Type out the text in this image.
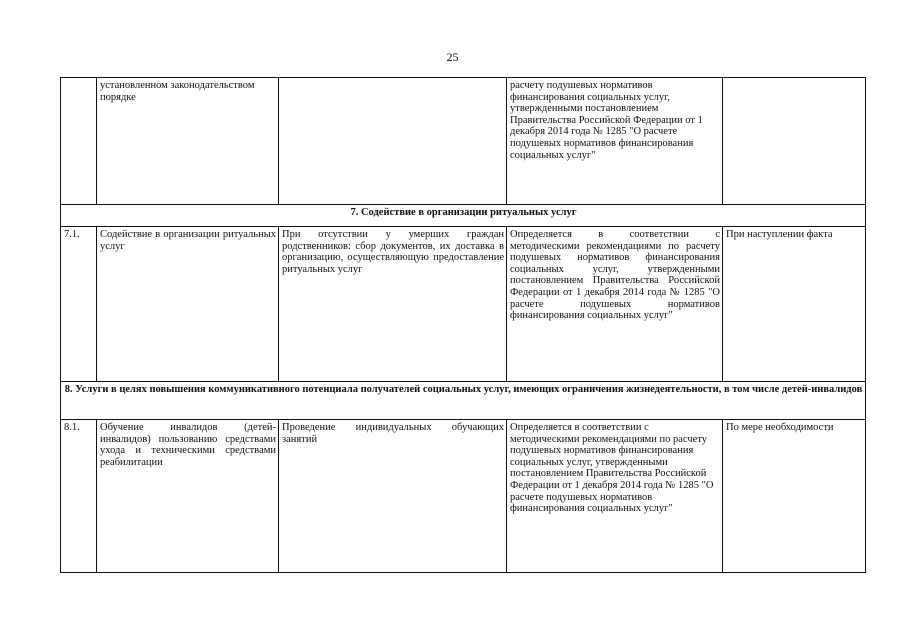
25
	установленном законодательством порядке		расчету подушевых нормативов финансирования социальных услуг, утвержденными постановлением Правительства Российской Федерации от 1 декабря 2014 года № 1285 "О расчете подушевых нормативов финансирования социальных услуг"	
7. Содействие в организации ритуальных услуг				
7.1.	Содействие в организации ритуальных услуг	При отсутствии у умерших граждан родственников: сбор документов, их доставка в организацию, осуществляющую предоставление ритуальных услуг	Определяется в соответствии с методическими рекомендациями по расчету подушевых нормативов финансирования социальных услуг, утвержденными постановлением Правительства Российской Федерации от 1 декабря 2014 года № 1285 "О расчете подушевых нормативов финансирования социальных услуг"	При наступлении факта
8. Услуги в целях повышения коммуникативного потенциала получателей социальных услуг, имеющих ограничения жизнедеятельности, в том числе детей-инвалидов				
8.1.	Обучение инвалидов (детей-инвалидов) пользованию средствами ухода и техническими средствами реабилитации	Проведение индивидуальных обучающих занятий	Определяется в соответствии с методическими рекомендациями по расчету подушевых нормативов финансирования социальных услуг, утвержденными постановлением Правительства Российской Федерации от 1 декабря 2014 года № 1285 "О расчете подушевых нормативов финансирования социальных услуг"	По мере необходимости
